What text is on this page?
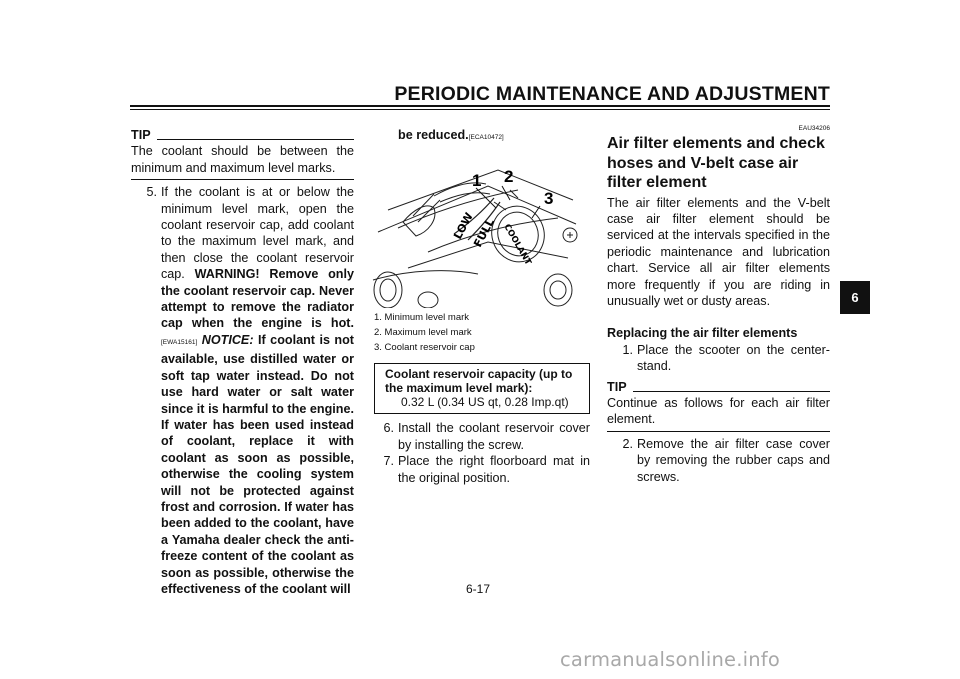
PERIODIC MAINTENANCE AND ADJUSTMENT
6
TIP
The coolant should be between the minimum and maximum level marks.
5. If the coolant is at or below the minimum level mark, open the coolant reservoir cap, add coolant to the maximum level mark, and then close the coolant reservoir cap. WARNING! Remove only the coolant reservoir cap. Never attempt to remove the radiator cap when the engine is hot.[EWA15161] NOTICE: If coolant is not available, use distilled water or soft tap water instead. Do not use hard water or salt water since it is harmful to the engine. If water has been used instead of coolant, replace it with coolant as soon as possible, otherwise the cooling system will not be protected against frost and corrosion. If water has been added to the coolant, have a Yamaha dealer check the anti-freeze content of the coolant as soon as possible, otherwise the effectiveness of the coolant will
be reduced.[ECA10472]
LOW
FULL COOLANT
1 2
3
1. Minimum level mark
2. Maximum level mark
3. Coolant reservoir cap
Coolant reservoir capacity (up to the maximum level mark):
0.32 L (0.34 US qt, 0.28 Imp.qt)
6. Install the coolant reservoir cover by installing the screw.
7. Place the right floorboard mat in the original position.
EAU34206
Air filter elements and check hoses and V-belt case air filter element
The air filter elements and the V-belt case air filter element should be serviced at the intervals specified in the periodic maintenance and lubrication chart. Service all air filter elements more frequently if you are riding in unusually wet or dusty areas.
Replacing the air filter elements
1. Place the scooter on the center-stand.
TIP
Continue as follows for each air filter element.
2. Remove the air filter case cover by removing the rubber caps and screws.
6-17
carmanualsonline.info
